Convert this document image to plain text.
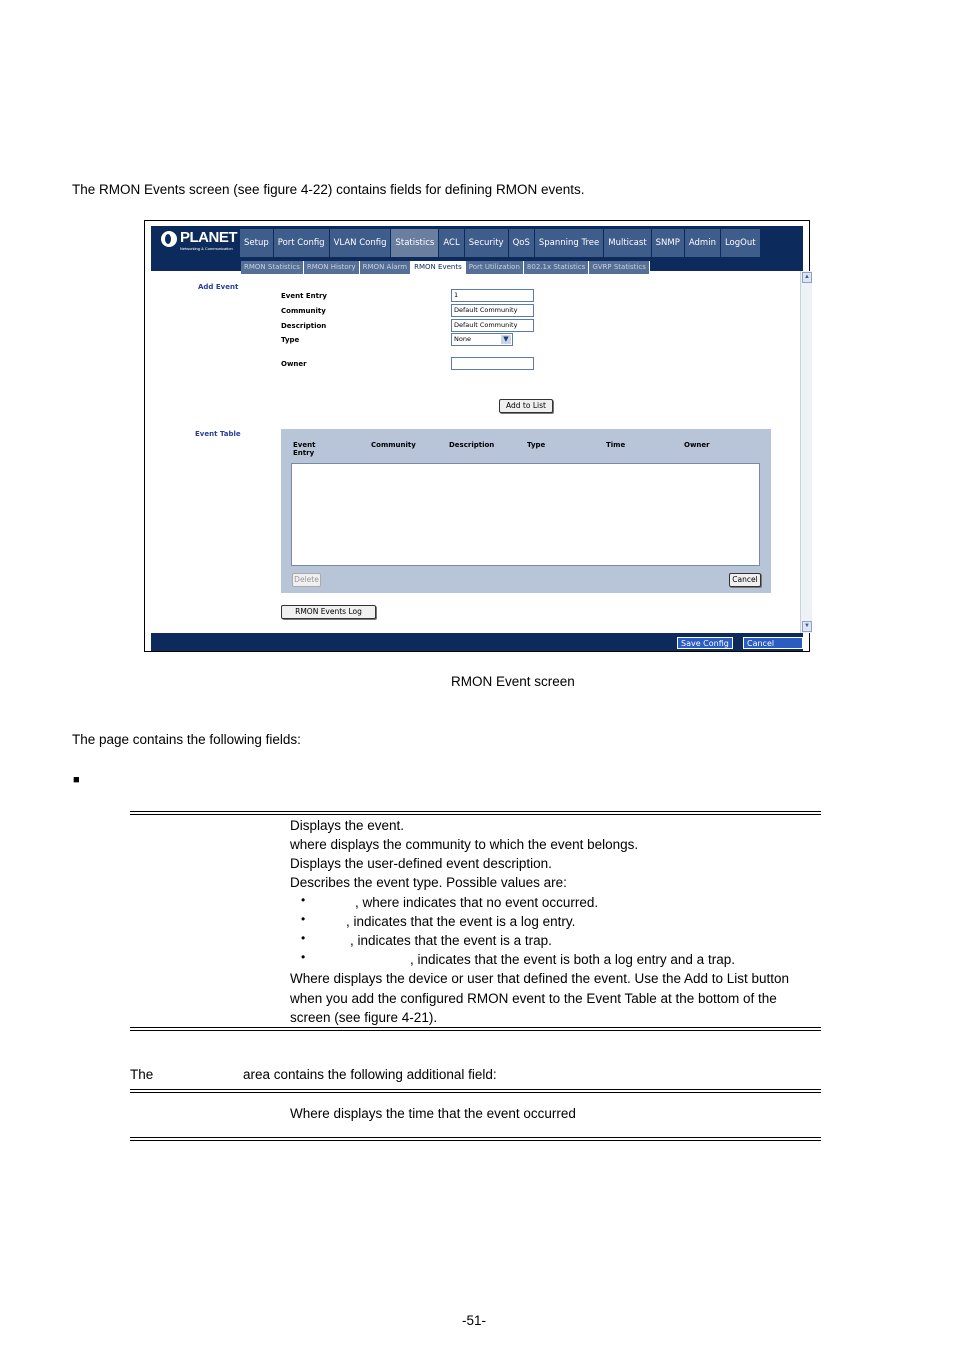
The RMON Events screen (see figure 4-22) contains fields for defining RMON events.
PLANET
Networking & Communication
Setup	Port Config	VLAN Config	Statistics	ACL	Security	QoS	Spanning Tree	Multicast	SNMP	Admin	LogOut
RMON Statistics	RMON History	RMON Alarm	RMON Events	Port Utilization	802.1x Statistics	GVRP Statistics
Add Event
Event Entry	1
Community	Default Community
Description	Default Community
Type	None	▼
Owner
Add to List
Event Table
Event Entry
Community	Description	Type	Time	Owner
Delete	Cancel
RMON Events Log
▲
▼
Save Config	Cancel Config
RMON Event screen
The page contains the following fields:
■
Displays the event.
where displays the community to which the event belongs.
Displays the user-defined event description.
Describes the event type. Possible values are:
•	, where indicates that no event occurred.
•	, indicates that the event is a log entry.
•	, indicates that the event is a trap.
•	, indicates that the event is both a log entry and a trap.
Where displays the device or user that defined the event. Use the Add to List button
when you add the configured RMON event to the Event Table at the bottom of the
screen (see figure 4-21).
The	area contains the following additional field:
Where displays the time that the event occurred
-51-
